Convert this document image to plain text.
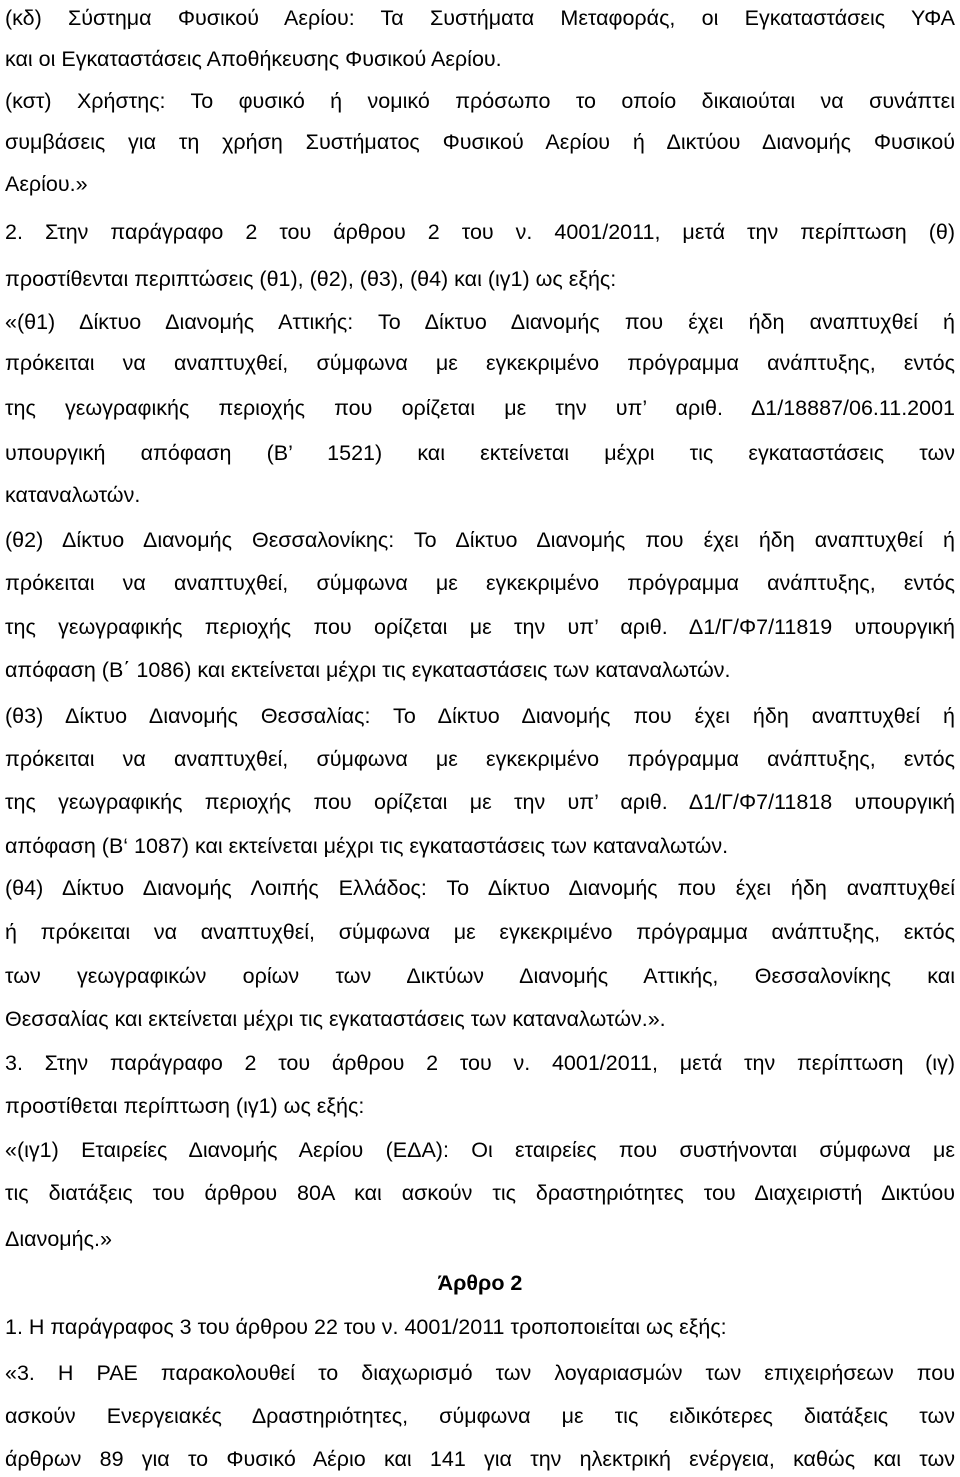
(κδ) Σύστημα Φυσικού Αερίου: Τα Συστήματα Μεταφοράς, οι Εγκαταστάσεις ΥΦΑ
και οι Εγκαταστάσεις Αποθήκευσης Φυσικού Αερίου.
(κστ) Χρήστης: Το φυσικό ή νομικό πρόσωπο το οποίο δικαιούται να συνάπτει
συμβάσεις για τη χρήση Συστήματος Φυσικού Αερίου ή Δικτύου Διανομής Φυσικού
Αερίου.»
2. Στην παράγραφο 2 του άρθρου 2 του ν. 4001/2011, μετά την περίπτωση (θ)
προστίθενται περιπτώσεις (θ1), (θ2), (θ3), (θ4) και (ιγ1) ως εξής:
«(θ1) Δίκτυο Διανομής Αττικής: Το Δίκτυο Διανομής που έχει ήδη αναπτυχθεί ή
πρόκειται να αναπτυχθεί, σύμφωνα με εγκεκριμένο πρόγραμμα ανάπτυξης, εντός
της γεωγραφικής περιοχής που ορίζεται με την υπ’ αριθ. Δ1/18887/06.11.2001
υπουργική απόφαση (Β’ 1521) και εκτείνεται μέχρι τις εγκαταστάσεις των
καταναλωτών.
(θ2) Δίκτυο Διανομής Θεσσαλονίκης: Το Δίκτυο Διανομής που έχει ήδη αναπτυχθεί ή
πρόκειται να αναπτυχθεί, σύμφωνα με εγκεκριμένο πρόγραμμα ανάπτυξης, εντός
της γεωγραφικής περιοχής που ορίζεται με την υπ’ αριθ. Δ1/Γ/Φ7/11819 υπουργική
απόφαση (Β΄ 1086) και εκτείνεται μέχρι τις εγκαταστάσεις των καταναλωτών.
(θ3) Δίκτυο Διανομής Θεσσαλίας: Το Δίκτυο Διανομής που έχει ήδη αναπτυχθεί ή
πρόκειται να αναπτυχθεί, σύμφωνα με εγκεκριμένο πρόγραμμα ανάπτυξης, εντός
της γεωγραφικής περιοχής που ορίζεται με την υπ’ αριθ. Δ1/Γ/Φ7/11818 υπουργική
απόφαση (Β‘ 1087) και εκτείνεται μέχρι τις εγκαταστάσεις των καταναλωτών.
(θ4) Δίκτυο Διανομής Λοιπής Ελλάδος: Το Δίκτυο Διανομής που έχει ήδη αναπτυχθεί
ή πρόκειται να αναπτυχθεί, σύμφωνα με εγκεκριμένο πρόγραμμα ανάπτυξης, εκτός
των γεωγραφικών ορίων των Δικτύων Διανομής Αττικής, Θεσσαλονίκης και
Θεσσαλίας και εκτείνεται μέχρι τις εγκαταστάσεις των καταναλωτών.».
3. Στην παράγραφο 2 του άρθρου 2 του ν. 4001/2011, μετά την περίπτωση (ιγ)
προστίθεται περίπτωση (ιγ1) ως εξής:
«(ιγ1) Εταιρείες Διανομής Αερίου (ΕΔΑ): Οι εταιρείες που συστήνονται σύμφωνα με
τις διατάξεις του άρθρου 80Α και ασκούν τις δραστηριότητες του Διαχειριστή Δικτύου
Διανομής.»
Άρθρο 2
1. Η παράγραφος 3 του άρθρου 22 του ν. 4001/2011 τροποποιείται ως εξής:
«3. Η ΡΑΕ παρακολουθεί το διαχωρισμό των λογαριασμών των επιχειρήσεων που
ασκούν Ενεργειακές Δραστηριότητες, σύμφωνα με τις ειδικότερες διατάξεις των
άρθρων 89 για το Φυσικό Αέριο και 141 για την ηλεκτρική ενέργεια, καθώς και των
